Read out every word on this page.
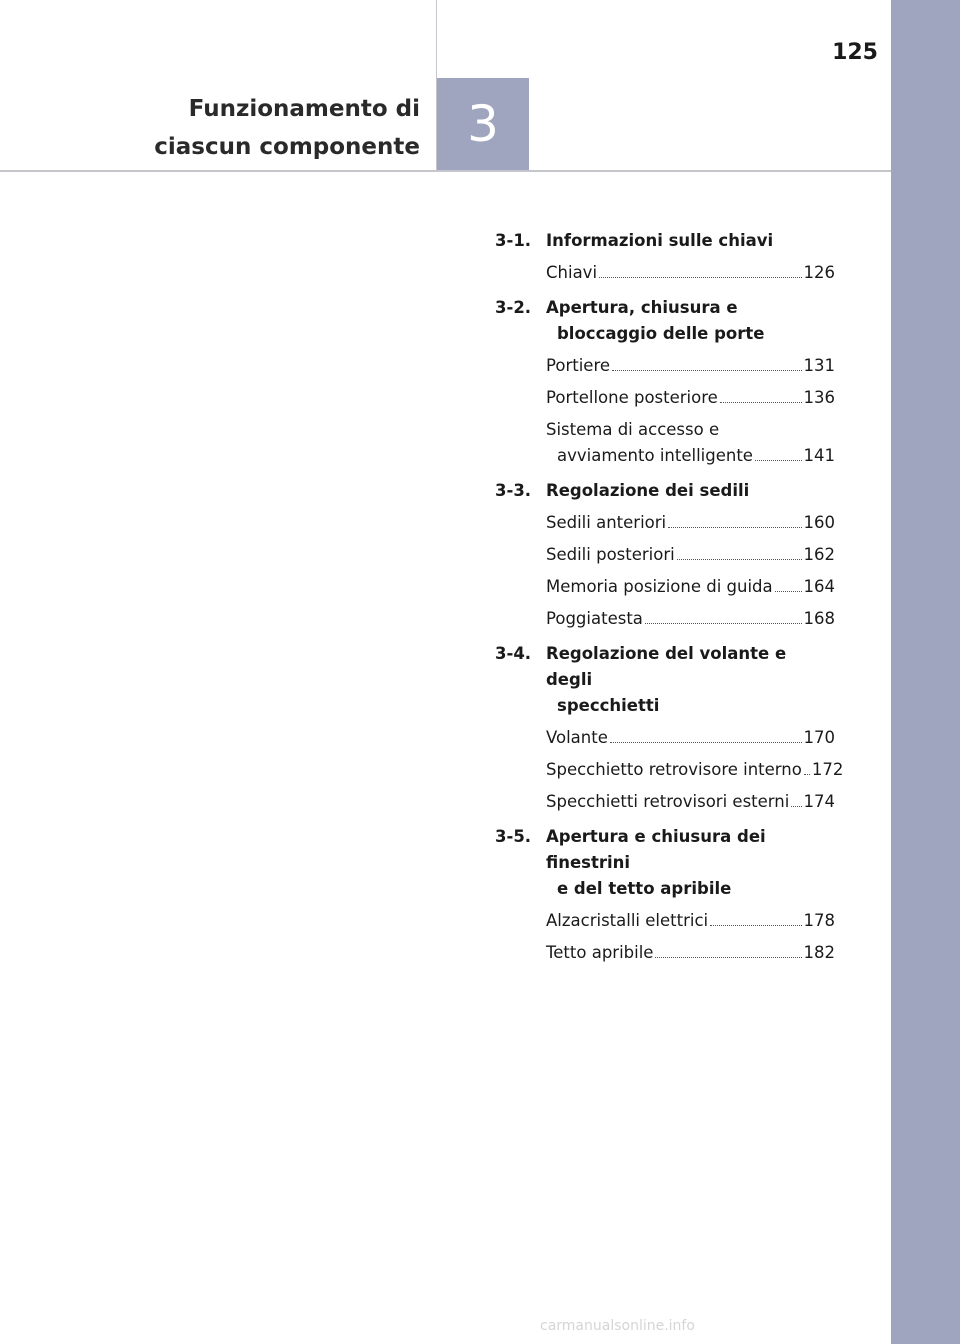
125
Funzionamento di
ciascun componente 3
3-1. Informazioni sulle chiavi
Chiavi	126
3-2. Apertura, chiusura e
bloccaggio delle porte
Portiere	131
Portellone posteriore	136
Sistema di accesso e
avviamento intelligente	141
3-3. Regolazione dei sedili
Sedili anteriori	160
Sedili posteriori	162
Memoria posizione di guida 164
Poggiatesta	168
3-4. Regolazione del volante e degli
specchietti
Volante	170
Specchietto retrovisore interno 172
Specchietti retrovisori esterni 174
3-5. Apertura e chiusura dei finestrini
e del tetto apribile
Alzacristalli elettrici	178
Tetto apribile	182
carmanualsonline.info
